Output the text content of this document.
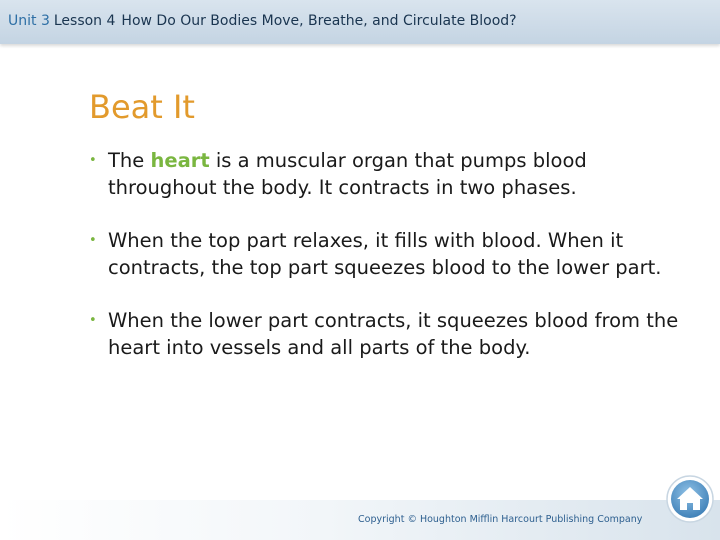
Unit 3 Lesson 4 How Do Our Bodies Move, Breathe, and Circulate Blood?
Beat It
• The heart is a muscular organ that pumps blood throughout the body. It contracts in two phases.
• When the top part relaxes, it fills with blood. When it contracts, the top part squeezes blood to the lower part.
• When the lower part contracts, it squeezes blood from the heart into vessels and all parts of the body.
Copyright © Houghton Mifflin Harcourt Publishing Company
